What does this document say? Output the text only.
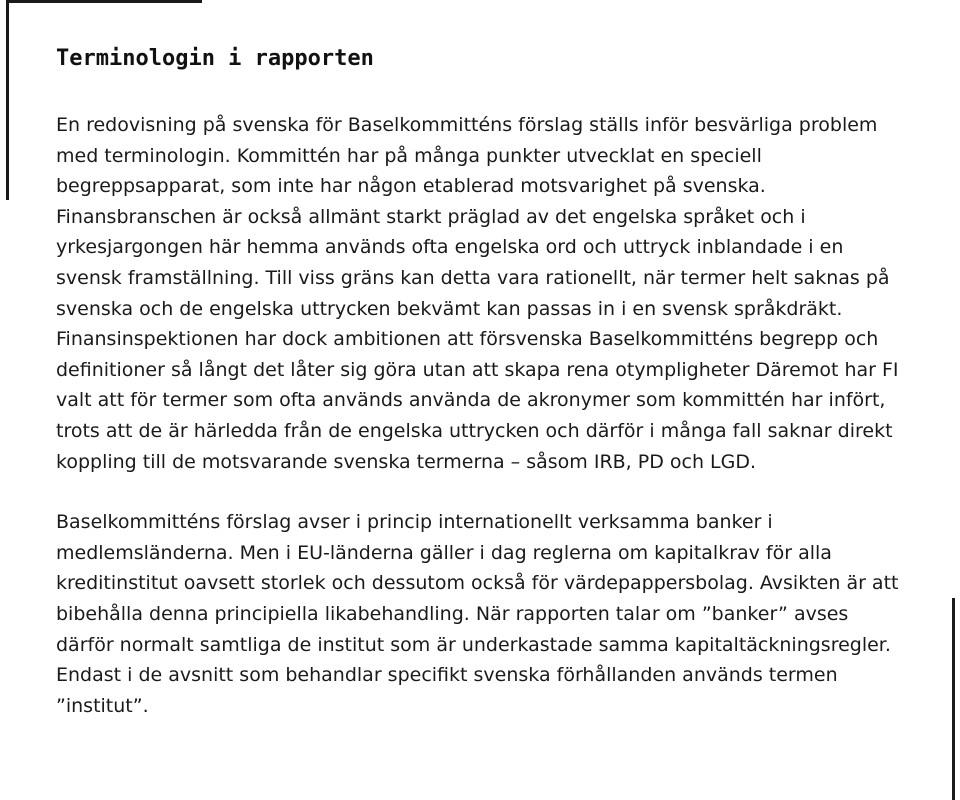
Terminologin i rapporten

En redovisning på svenska för Baselkommitténs förslag ställs inför besvärliga problem med terminologin. Kommittén har på många punkter utvecklat en speciell begreppsapparat, som inte har någon etablerad motsvarighet på svenska. Finansbranschen är också allmänt starkt präglad av det engelska språket och i yrkesjargongen här hemma används ofta engelska ord och uttryck inblandade i en svensk framställning. Till viss gräns kan detta vara rationellt, när termer helt saknas på svenska och de engelska uttrycken bekvämt kan passas in i en svensk språkdräkt. Finansinspektionen har dock ambitionen att försvenska Baselkommitténs begrepp och definitioner så långt det låter sig göra utan att skapa rena otympligheter Däremot har FI valt att för termer som ofta används använda de akronymer som kommittén har infört, trots att de är härledda från de engelska uttrycken och därför i många fall saknar direkt koppling till de motsvarande svenska termerna – såsom IRB, PD och LGD.

Baselkommitténs förslag avser i princip internationellt verksamma banker i medlemsländerna. Men i EU-länderna gäller i dag reglerna om kapitalkrav för alla kreditinstitut oavsett storlek och dessutom också för värdepappersbolag. Avsikten är att bibehålla denna principiella likabehandling. När rapporten talar om ”banker” avses därför normalt samtliga de institut som är underkastade samma kapitaltäckningsregler. Endast i de avsnitt som behandlar specifikt svenska förhållanden används termen ”institut”.
